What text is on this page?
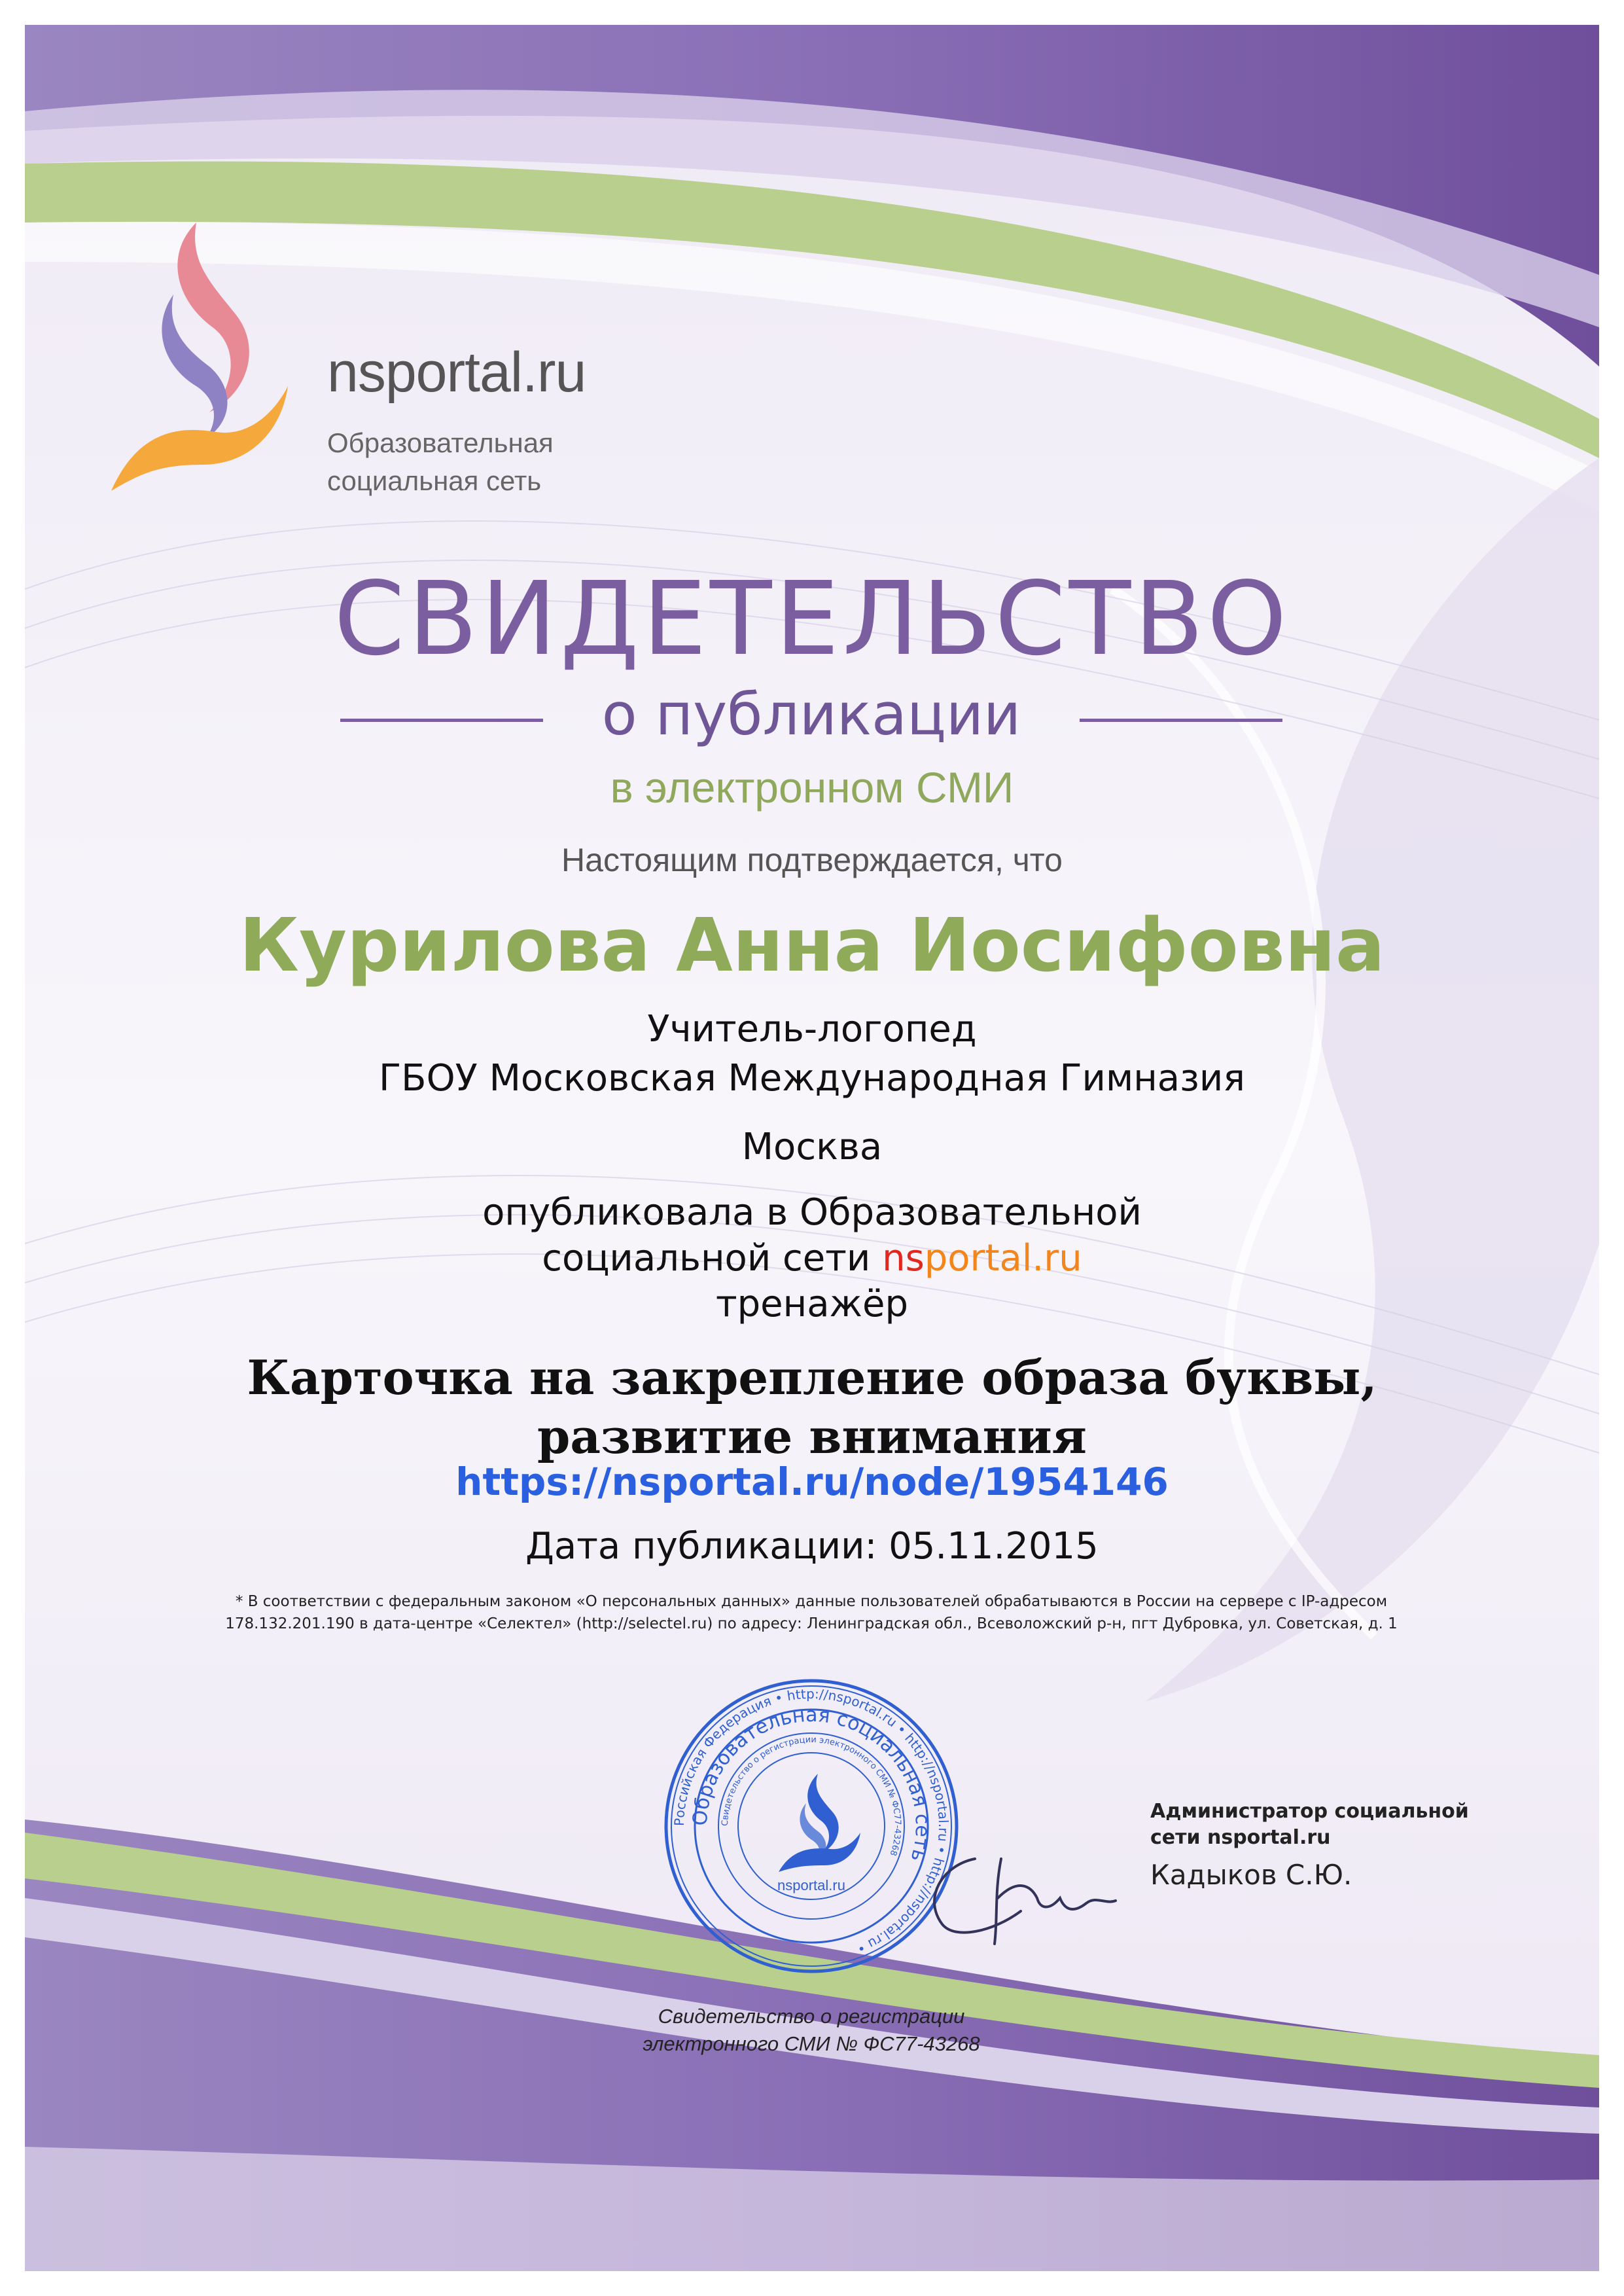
nsportal.ru
Образовательная
социальная сеть
СВИДЕТЕЛЬСТВО
о публикации
в электронном СМИ
Настоящим подтверждается, что
Курилова Анна Иосифовна
Учитель-логопед
ГБОУ Московская Международная Гимназия
Москва
опубликовала в Образовательной
социальной сети nsportal.ru
тренажёр
Карточка на закрепление образа буквы,
развитие внимания
https://nsportal.ru/node/1954146
Дата публикации: 05.11.2015
* В соответствии с федеральным законом «О персональных данных» данные пользователей обрабатываются в России на сервере с IP-адресом
178.132.201.190 в дата-центре «Селектел» (http://selectel.ru) по адресу: Ленинградская обл., Всеволожский р-н, пгт Дубровка, ул. Советская, д. 1
Российская Федерация • http://nsportal.ru • http://nsportal.ru • http://nsportal.ru •
Образовательная социальная сеть
Свидетельство о регистрации электронного СМИ № ФС77-43268
nsportal.ru
Администратор социальной
сети nsportal.ru
Кадыков С.Ю.
Свидетельство о регистрации
электронного СМИ № ФС77-43268
